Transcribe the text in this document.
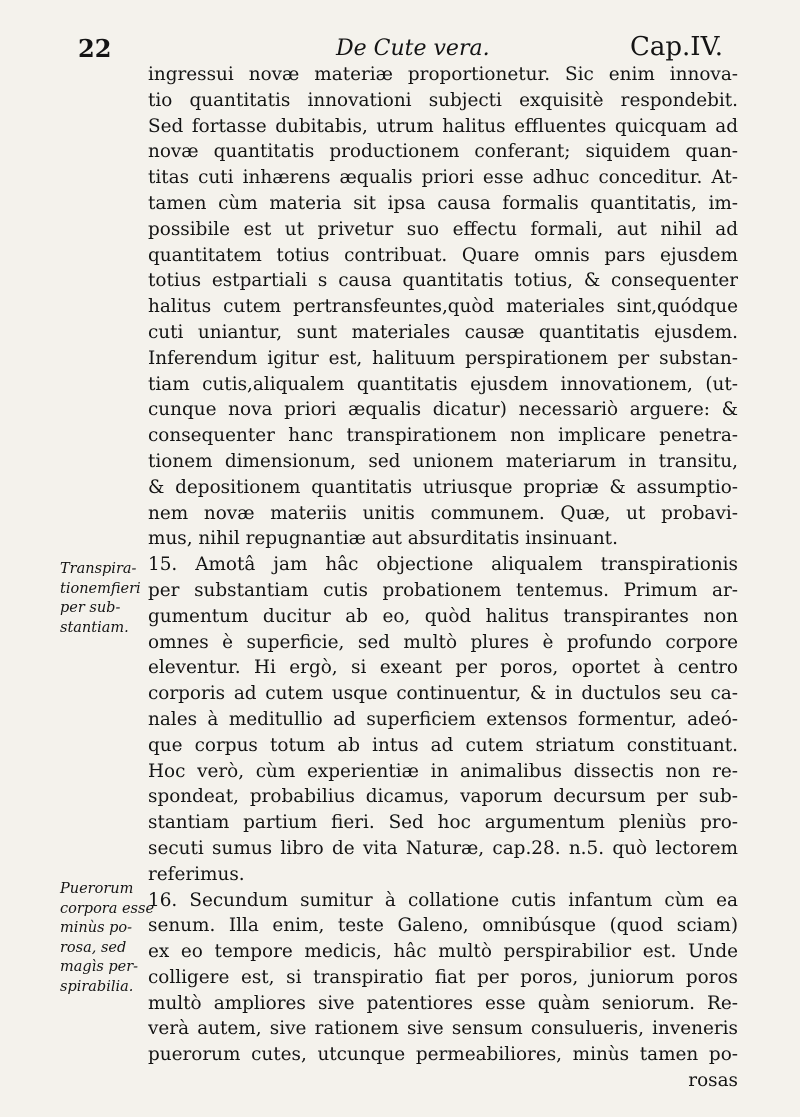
22	De Cute vera.	Cap.IV.
ingressui novæ materiæ proportionetur. Sic enim innova-
tio quantitatis innovationi subjecti exquisitè respondebit.
Sed fortasse dubitabis, utrum halitus effluentes quicquam ad
novæ quantitatis productionem conferant; siquidem quan-
titas cuti inhærens æqualis priori esse adhuc conceditur. At-
tamen cùm materia sit ipsa causa formalis quantitatis, im-
possibile est ut privetur suo effectu formali, aut nihil ad
quantitatem totius contribuat. Quare omnis pars ejusdem
totius estpartiali s causa quantitatis totius, & consequenter
halitus cutem pertransfeuntes,quòd materiales sint,quódque
cuti uniantur, sunt materiales causæ quantitatis ejusdem.
Inferendum igitur est, halituum perspirationem per substan-
tiam cutis,aliqualem quantitatis ejusdem innovationem, (ut-
cunque nova priori æqualis dicatur) necessariò arguere: &
consequenter hanc transpirationem non implicare penetra-
tionem dimensionum, sed unionem materiarum in transitu,
& depositionem quantitatis utriusque propriæ & assumptio-
nem novæ materiis unitis communem. Quæ, ut probavi-
mus, nihil repugnantiæ aut absurditatis insinuant.
15. Amotâ jam hâc objectione aliqualem transpirationis
per substantiam cutis probationem tentemus. Primum ar-
gumentum ducitur ab eo, quòd halitus transpirantes non
omnes è superficie, sed multò plures è profundo corpore
eleventur. Hi ergò, si exeant per poros, oportet à centro
corporis ad cutem usque continuentur, & in ductulos seu ca-
nales à meditullio ad superficiem extensos formentur, adeó-
que corpus totum ab intus ad cutem striatum constituant.
Hoc verò, cùm experientiæ in animalibus dissectis non re-
spondeat, probabilius dicamus, vaporum decursum per sub-
stantiam partium fieri. Sed hoc argumentum pleniùs pro-
secuti sumus libro de vita Naturæ, cap.28. n.5. quò lectorem
referimus.
16. Secundum sumitur à collatione cutis infantum cùm ea
senum. Illa enim, teste Galeno, omnibúsque (quod sciam)
ex eo tempore medicis, hâc multò perspirabilior est. Unde
colligere est, si transpiratio fiat per poros, juniorum poros
multò ampliores sive patentiores esse quàm seniorum. Re-
verà autem, sive rationem sive sensum consulueris, inveneris
puerorum cutes, utcunque permeabiliores, minùs tamen po-
rosas
Transpira-
tionemfieri
per sub-
stantiam.
Puerorum
corpora esse
minùs po-
rosa, sed
magìs per-
spirabilia.
